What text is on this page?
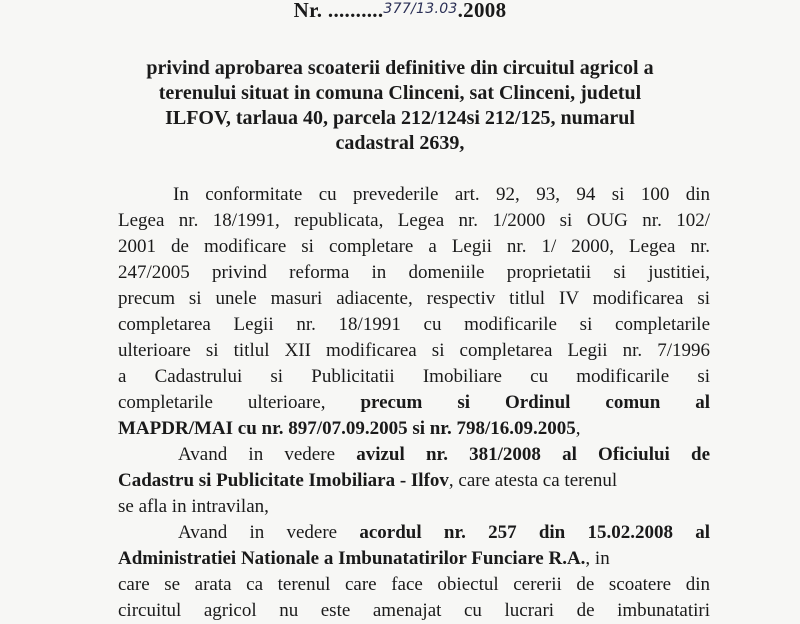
Nr. ..........377/13.03.2008
privind aprobarea scoaterii definitive din circuitul agricol a
terenului situat in comuna Clinceni, sat Clinceni, judetul
ILFOV, tarlaua 40, parcela 212/124si 212/125, numarul
cadastral 2639,
In conformitate cu prevederile art. 92, 93, 94 si 100 din
Legea nr. 18/1991, republicata, Legea nr. 1/2000 si OUG nr. 102/
2001 de modificare si completare a Legii nr. 1/ 2000, Legea nr.
247/2005 privind reforma in domeniile proprietatii si justitiei,
precum si unele masuri adiacente, respectiv titlul IV modificarea si
completarea Legii nr. 18/1991 cu modificarile si completarile
ulterioare si titlul XII modificarea si completarea Legii nr. 7/1996
a Cadastrului si Publicitatii Imobiliare cu modificarile si
completarile ulterioare, precum si Ordinul comun al
MAPDR/MAI cu nr. 897/07.09.2005 si nr. 798/16.09.2005,
Avand in vedere avizul nr. 381/2008 al Oficiului de
Cadastru si Publicitate Imobiliara - Ilfov, care atesta ca terenul
se afla in intravilan,
Avand in vedere acordul nr. 257 din 15.02.2008 al
Administratiei Nationale a Imbunatatirilor Funciare R.A., in
care se arata ca terenul care face obiectul cererii de scoatere din
circuitul agricol nu este amenajat cu lucrari de imbunatatiri
